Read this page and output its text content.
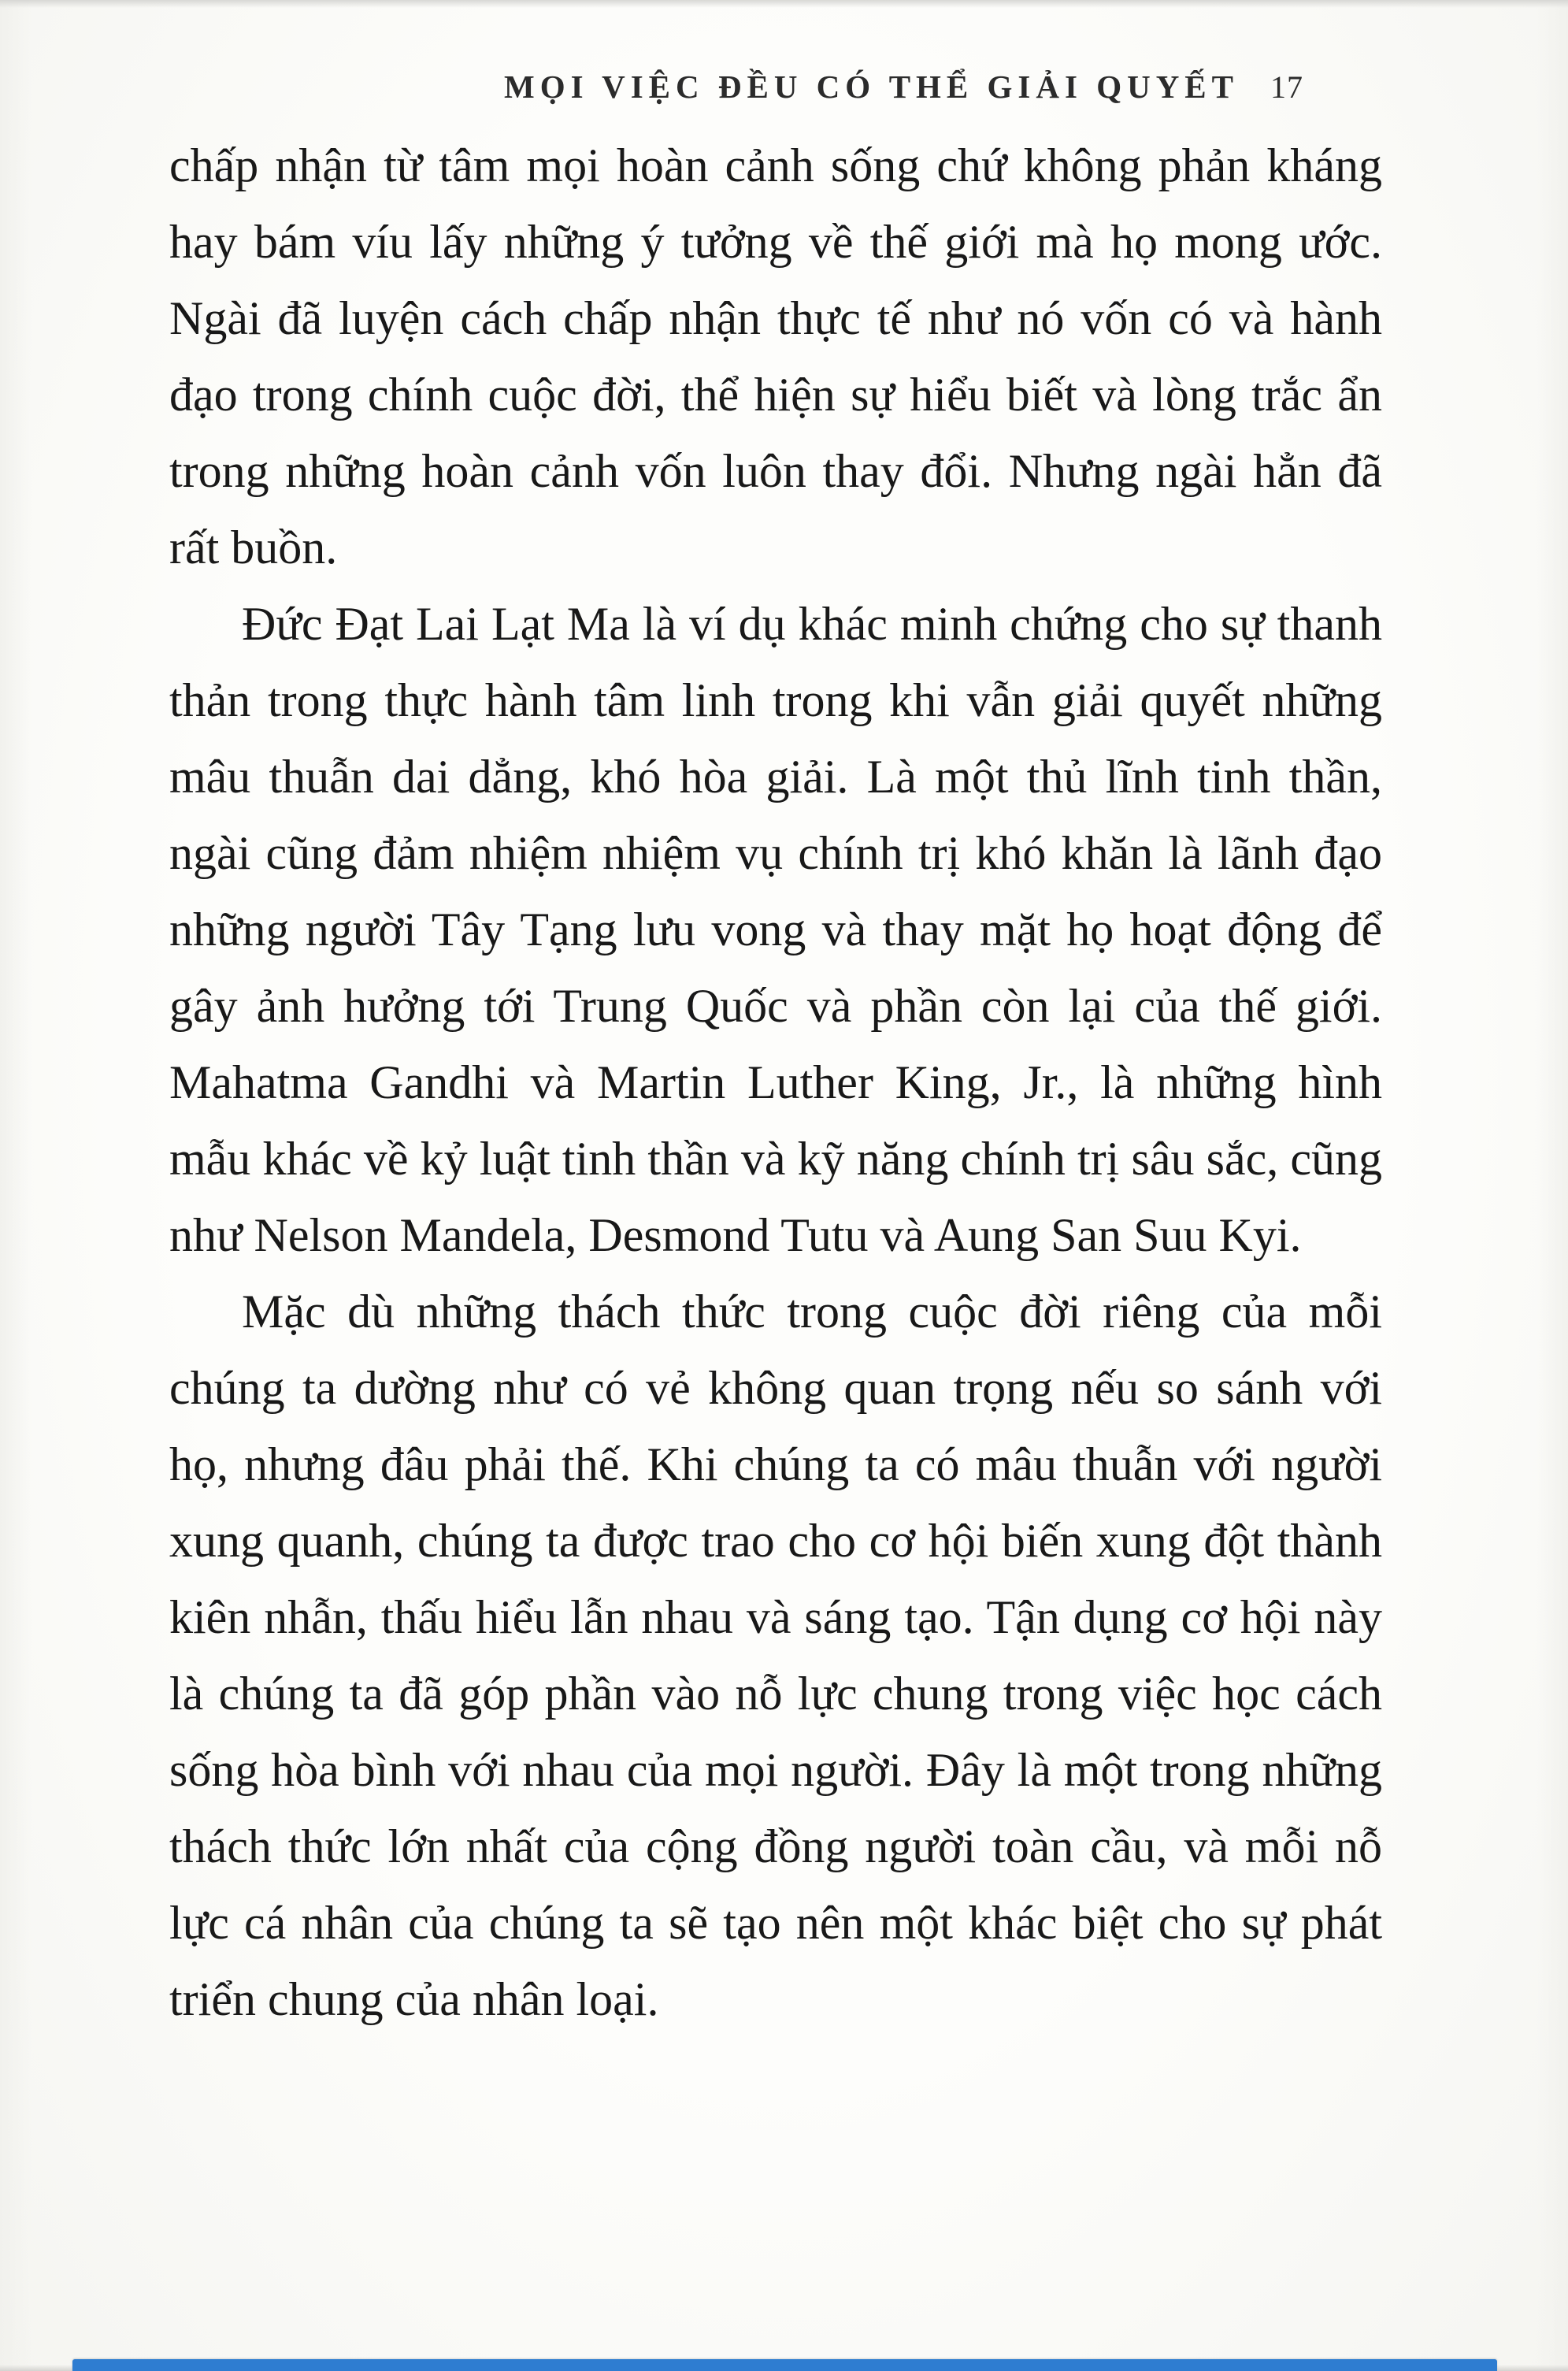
MỌI VIỆC ĐỀU CÓ THỂ GIẢI QUYẾT 17

chấp nhận từ tâm mọi hoàn cảnh sống chứ không phản kháng hay bám víu lấy những ý tưởng về thế giới mà họ mong ước. Ngài đã luyện cách chấp nhận thực tế như nó vốn có và hành đạo trong chính cuộc đời, thể hiện sự hiểu biết và lòng trắc ẩn trong những hoàn cảnh vốn luôn thay đổi. Nhưng ngài hẳn đã rất buồn.

Đức Đạt Lai Lạt Ma là ví dụ khác minh chứng cho sự thanh thản trong thực hành tâm linh trong khi vẫn giải quyết những mâu thuẫn dai dẳng, khó hòa giải. Là một thủ lĩnh tinh thần, ngài cũng đảm nhiệm nhiệm vụ chính trị khó khăn là lãnh đạo những người Tây Tạng lưu vong và thay mặt họ hoạt động để gây ảnh hưởng tới Trung Quốc và phần còn lại của thế giới. Mahatma Gandhi và Martin Luther King, Jr., là những hình mẫu khác về kỷ luật tinh thần và kỹ năng chính trị sâu sắc, cũng như Nelson Mandela, Desmond Tutu và Aung San Suu Kyi.

Mặc dù những thách thức trong cuộc đời riêng của mỗi chúng ta dường như có vẻ không quan trọng nếu so sánh với họ, nhưng đâu phải thế. Khi chúng ta có mâu thuẫn với người xung quanh, chúng ta được trao cho cơ hội biến xung đột thành kiên nhẫn, thấu hiểu lẫn nhau và sáng tạo. Tận dụng cơ hội này là chúng ta đã góp phần vào nỗ lực chung trong việc học cách sống hòa bình với nhau của mọi người. Đây là một trong những thách thức lớn nhất của cộng đồng người toàn cầu, và mỗi nỗ lực cá nhân của chúng ta sẽ tạo nên một khác biệt cho sự phát triển chung của nhân loại.
